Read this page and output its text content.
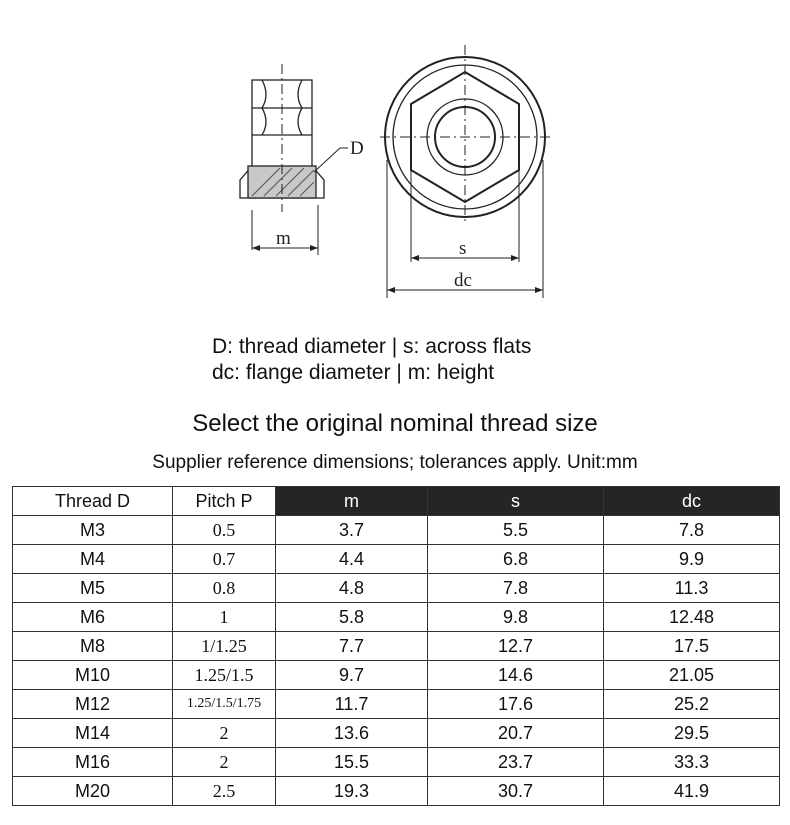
D
m	s
dc
D: thread diameter | s: across flats
dc: flange diameter | m: height
Select the original nominal thread size
Supplier reference dimensions; tolerances apply. Unit:mm
Thread D	Pitch P	m	s	dc
M3	0.5	3.7	5.5	7.8
M4	0.7	4.4	6.8	9.9
M5	0.8	4.8	7.8	11.3
M6	1	5.8	9.8	12.48
M8	1/1.25	7.7	12.7	17.5
M10	1.25/1.5	9.7	14.6	21.05
M12	1.25/1.5/1.75	11.7	17.6	25.2
M14	2	13.6	20.7	29.5
M16	2	15.5	23.7	33.3
M20	2.5	19.3	30.7	41.9
